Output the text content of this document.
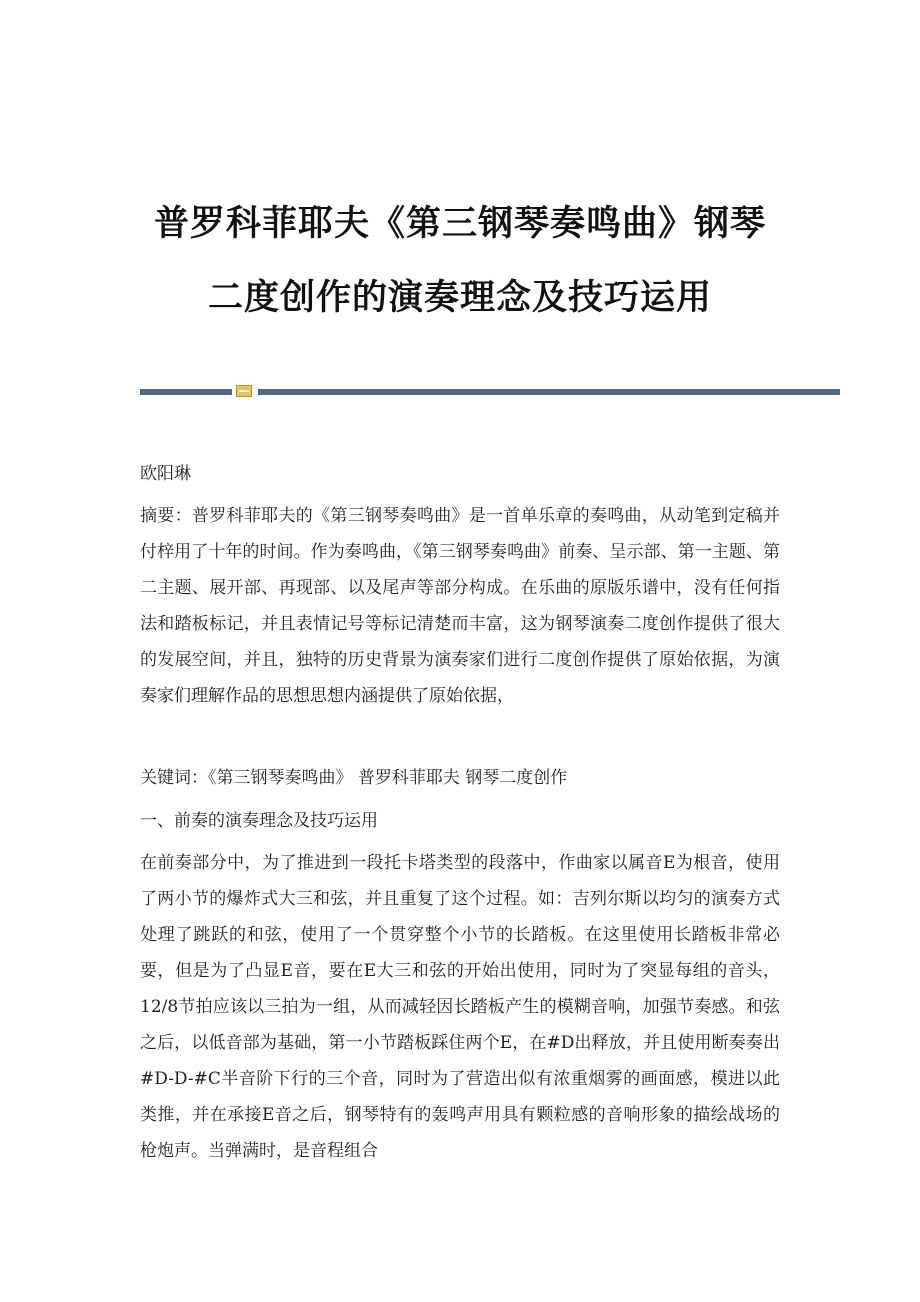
普罗科菲耶夫《第三钢琴奏鸣曲》钢琴
二度创作的演奏理念及技巧运用
欧阳琳
摘要：普罗科菲耶夫的《第三钢琴奏鸣曲》是一首单乐章的奏鸣曲，从动笔到定稿并付梓用了十年的时间。作为奏鸣曲，《第三钢琴奏鸣曲》前奏、呈示部、第一主题、第二主题、展开部、再现部、以及尾声等部分构成。在乐曲的原版乐谱中，没有任何指法和踏板标记，并且表情记号等标记清楚而丰富，这为钢琴演奏二度创作提供了很大的发展空间，并且，独特的历史背景为演奏家们进行二度创作提供了原始依据，为演奏家们理解作品的思想思想内涵提供了原始依据，
关键词：《第三钢琴奏鸣曲》 普罗科菲耶夫 钢琴二度创作
一、前奏的演奏理念及技巧运用
在前奏部分中，为了推进到一段托卡塔类型的段落中，作曲家以属音E为根音，使用了两小节的爆炸式大三和弦，并且重复了这个过程。如：吉列尔斯以均匀的演奏方式处理了跳跃的和弦，使用了一个贯穿整个小节的长踏板。在这里使用长踏板非常必要，但是为了凸显E音，要在E大三和弦的开始出使用，同时为了突显每组的音头，12/8节拍应该以三拍为一组，从而减轻因长踏板产生的模糊音响，加强节奏感。和弦之后，以低音部为基础，第一小节踏板踩住两个E，在#D出释放，并且使用断奏奏出#D-D-#C半音阶下行的三个音，同时为了营造出似有浓重烟雾的画面感，模进以此类推，并在承接E音之后，钢琴特有的轰鸣声用具有颗粒感的音响形象的描绘战场的枪炮声。当弹满时，是音程组合
